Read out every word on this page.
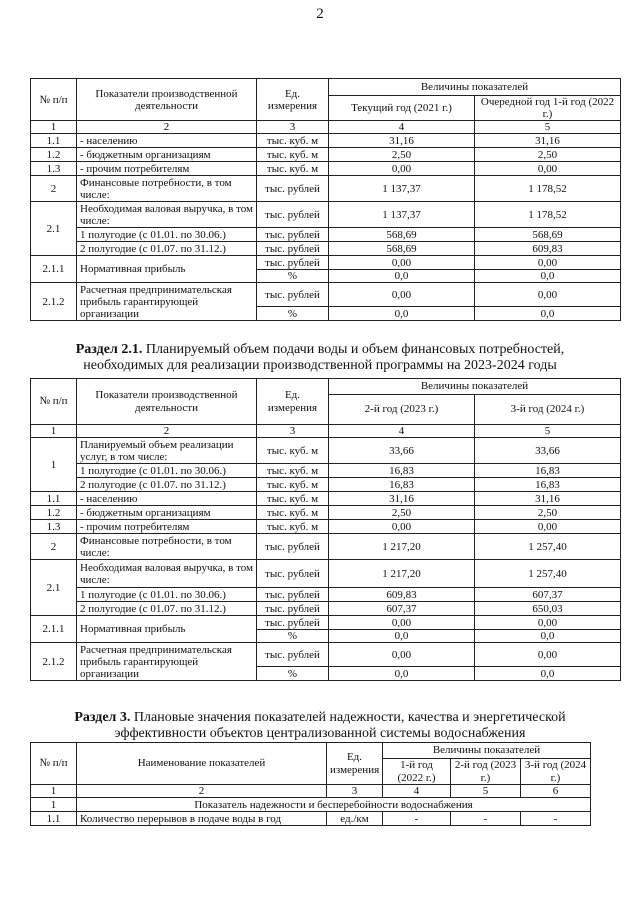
2
№ п/п	Показатели производственной деятельности	Ед. измерения	Величины показателей	
			Текущий год (2021 г.)	Очередной год 1-й год (2022 г.)
1	2	3	4	5
1.1	- населению	тыс. куб. м	31,16	31,16
1.2	- бюджетным организациям	тыс. куб. м	2,50	2,50
1.3	- прочим потребителям	тыс. куб. м	0,00	0,00
2	Финансовые потребности, в том числе:	тыс. рублей	1 137,37	1 178,52
2.1	Необходимая валовая выручка, в том числе:	тыс. рублей	1 137,37	1 178,52
	1 полугодие (с 01.01. по 30.06.)	тыс. рублей	568,69	568,69
	2 полугодие (с 01.07. по 31.12.)	тыс. рублей	568,69	609,83
2.1.1	Нормативная прибыль	тыс. рублей	0,00	0,00
		%	0,0	0,0
2.1.2	Расчетная предпринимательская прибыль гарантирующей организации	тыс. рублей	0,00	0,00
		%	0,0	0,0
Раздел 2.1. Планируемый объем подачи воды и объем финансовых потребностей, необходимых для реализации производственной программы на 2023-2024 годы
№ п/п	Показатели производственной деятельности	Ед. измерения	Величины показателей	
			2-й год (2023 г.)	3-й год (2024 г.)
1	2	3	4	5
1	Планируемый объем реализации услуг, в том числе:	тыс. куб. м	33,66	33,66
	1 полугодие (с 01.01. по 30.06.)	тыс. куб. м	16,83	16,83
	2 полугодие (с 01.07. по 31.12.)	тыс. куб. м	16,83	16,83
1.1	- населению	тыс. куб. м	31,16	31,16
1.2	- бюджетным организациям	тыс. куб. м	2,50	2,50
1.3	- прочим потребителям	тыс. куб. м	0,00	0,00
2	Финансовые потребности, в том числе:	тыс. рублей	1 217,20	1 257,40
2.1	Необходимая валовая выручка, в том числе:	тыс. рублей	1 217,20	1 257,40
	1 полугодие (с 01.01. по 30.06.)	тыс. рублей	609,83	607,37
	2 полугодие (с 01.07. по 31.12.)	тыс. рублей	607,37	650,03
2.1.1	Нормативная прибыль	тыс. рублей	0,00	0,00
		%	0,0	0,0
2.1.2	Расчетная предпринимательская прибыль гарантирующей организации	тыс. рублей	0,00	0,00
		%	0,0	0,0
Раздел 3. Плановые значения показателей надежности, качества и энергетической эффективности объектов централизованной системы водоснабжения
№ п/п	Наименование показателей	Ед. измерения	Величины показателей		
			1-й год (2022 г.)	2-й год (2023 г.)	3-й год (2024 г.)
1	2	3	4	5	6
1	Показатель надежности и бесперебойности водоснабжения				
1.1	Количество перерывов в подаче воды в год	ед./км	-	-	-
